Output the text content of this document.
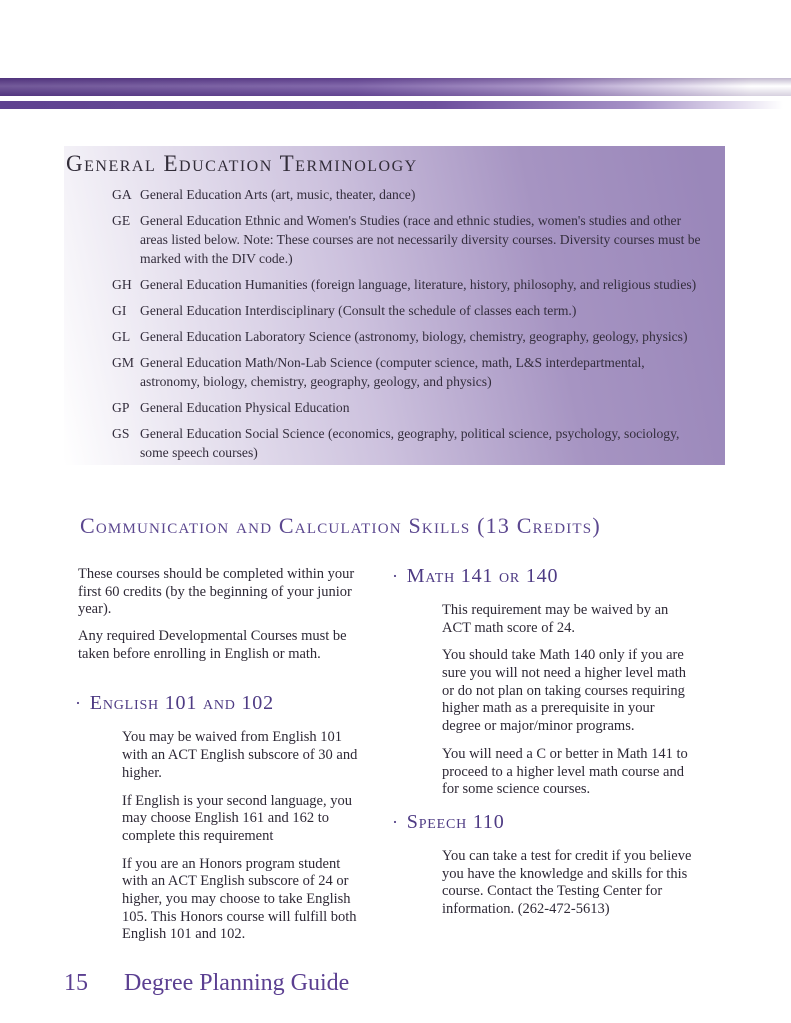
General Education Terminology
GA General Education Arts (art, music, theater, dance)
GE General Education Ethnic and Women's Studies (race and ethnic studies, women's studies and other areas listed below. Note: These courses are not necessarily diversity courses. Diversity courses must be marked with the DIV code.)
GH General Education Humanities (foreign language, literature, history, philosophy, and religious studies)
GI	General Education Interdisciplinary (Consult the schedule of classes each term.)
GL General Education Laboratory Science (astronomy, biology, chemistry, geography, geology, physics)
GM General Education Math/Non-Lab Science (computer science, math, L&S interdepartmental, astronomy, biology, chemistry, geography, geology, and physics)
GP General Education Physical Education
GS General Education Social Science (economics, geography, political science, psychology, sociology, some speech courses)
Communication and Calculation Skills (13 Credits)

These courses should be completed within your first 60 credits (by the beginning of your junior year).

Any required Developmental Courses must be taken before enrolling in English or math.

· English 101 and 102

You may be waived from English 101 with an ACT English subscore of 30 and higher.

If English is your second language, you may choose English 161 and 162 to complete this requirement

If you are an Honors program student with an ACT English subscore of 24 or higher, you may choose to take English 105. This Honors course will fulfill both English 101 and 102.

· Math 141 or 140

This requirement may be waived by an ACT math score of 24.

You should take Math 140 only if you are sure you will not need a higher level math or do not plan on taking courses requiring higher math as a prerequisite in your degree or major/minor programs.

You will need a C or better in Math 141 to proceed to a higher level math course and for some science courses.

· Speech 110

You can take a test for credit if you believe you have the knowledge and skills for this course. Contact the Testing Center for information. (262-472-5613)

15 Degree Planning Guide
